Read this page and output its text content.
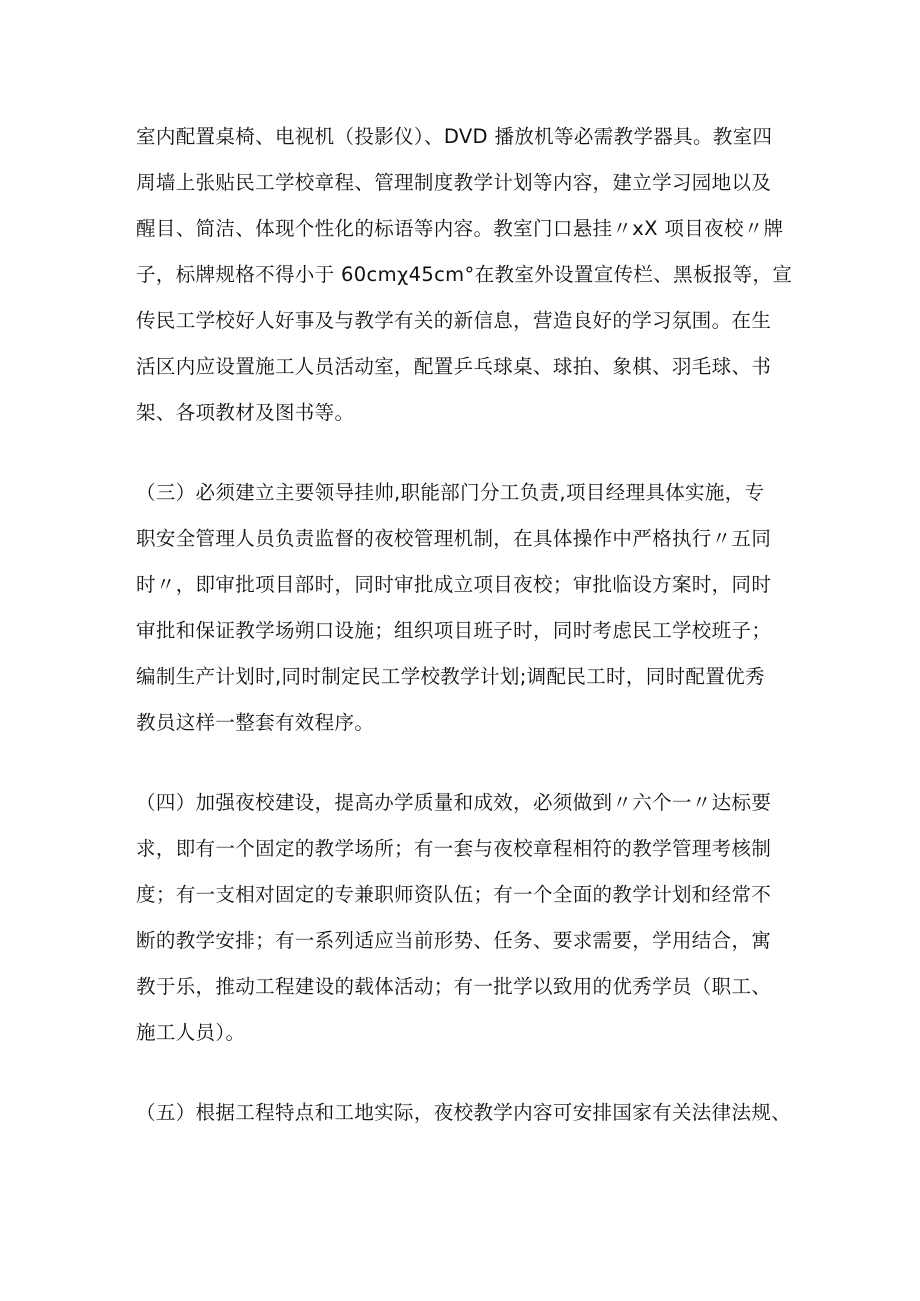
室内配置桌椅、电视机（投影仪）、DVD 播放机等必需教学器具。教室四
周墙上张贴民工学校章程、管理制度教学计划等内容，建立学习园地以及
醒目、简洁、体现个性化的标语等内容。教室门口悬挂〃xX 项目夜校〃牌
子，标牌规格不得小于 60cmχ45cm°在教室外设置宣传栏、黑板报等，宣
传民工学校好人好事及与教学有关的新信息，营造良好的学习氛围。在生
活区内应设置施工人员活动室，配置乒乓球桌、球拍、象棋、羽毛球、书
架、各项教材及图书等。
（三）必须建立主要领导挂帅,职能部门分工负责,项目经理具体实施，专
职安全管理人员负责监督的夜校管理机制，在具体操作中严格执行〃五同
时〃，即审批项目部时，同时审批成立项目夜校；审批临设方案时，同时
审批和保证教学场朔口设施；组织项目班子时，同时考虑民工学校班子；
编制生产计划时,同时制定民工学校教学计划;调配民工时，同时配置优秀
教员这样一整套有效程序。
（四）加强夜校建设，提高办学质量和成效，必须做到〃六个一〃达标要
求，即有一个固定的教学场所；有一套与夜校章程相符的教学管理考核制
度；有一支相对固定的专兼职师资队伍；有一个全面的教学计划和经常不
断的教学安排；有一系列适应当前形势、任务、要求需要，学用结合，寓
教于乐，推动工程建设的载体活动；有一批学以致用的优秀学员（职工、
施工人员）。
（五）根据工程特点和工地实际，夜校教学内容可安排国家有关法律法规、
